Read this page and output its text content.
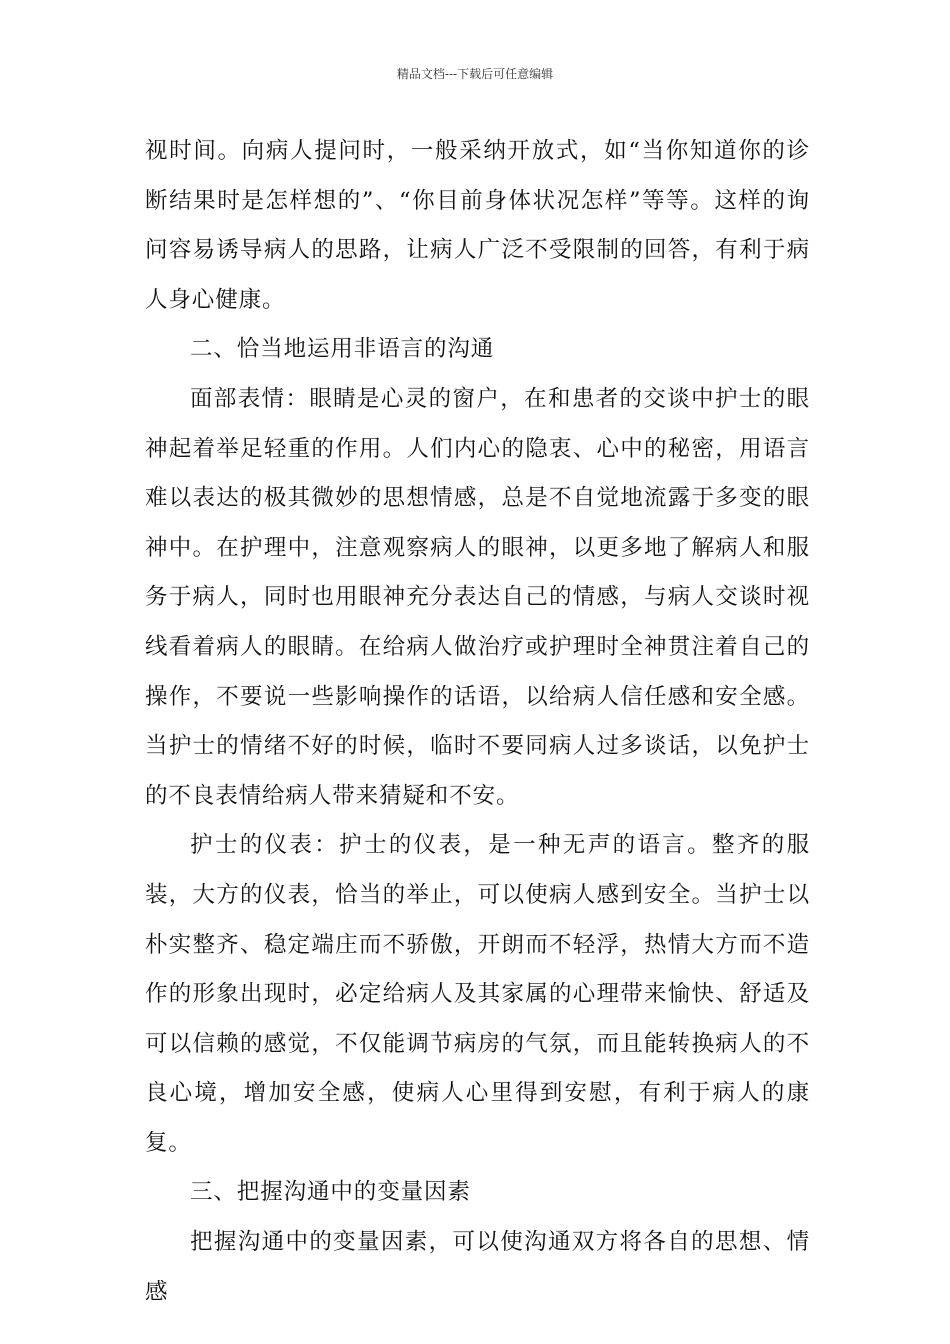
精品文档---下载后可任意编辑

视时间。向病人提问时，一般采纳开放式，如“当你知道你的诊断结果时是怎样想的”、“你目前身体状况怎样”等等。这样的询问容易诱导病人的思路，让病人广泛不受限制的回答，有利于病人身心健康。

二、恰当地运用非语言的沟通

面部表情：眼睛是心灵的窗户，在和患者的交谈中护士的眼神起着举足轻重的作用。人们内心的隐衷、心中的秘密，用语言难以表达的极其微妙的思想情感，总是不自觉地流露于多变的眼神中。在护理中，注意观察病人的眼神，以更多地了解病人和服务于病人，同时也用眼神充分表达自己的情感，与病人交谈时视线看着病人的眼睛。在给病人做治疗或护理时全神贯注着自己的操作，不要说一些影响操作的话语，以给病人信任感和安全感。当护士的情绪不好的时候，临时不要同病人过多谈话，以免护士的不良表情给病人带来猜疑和不安。

护士的仪表：护士的仪表，是一种无声的语言。整齐的服装，大方的仪表，恰当的举止，可以使病人感到安全。当护士以朴实整齐、稳定端庄而不骄傲，开朗而不轻浮，热情大方而不造作的形象出现时，必定给病人及其家属的心理带来愉快、舒适及可以信赖的感觉，不仅能调节病房的气氛，而且能转换病人的不良心境，增加安全感，使病人心里得到安慰，有利于病人的康复。

三、把握沟通中的变量因素

把握沟通中的变量因素，可以使沟通双方将各自的思想、情感
